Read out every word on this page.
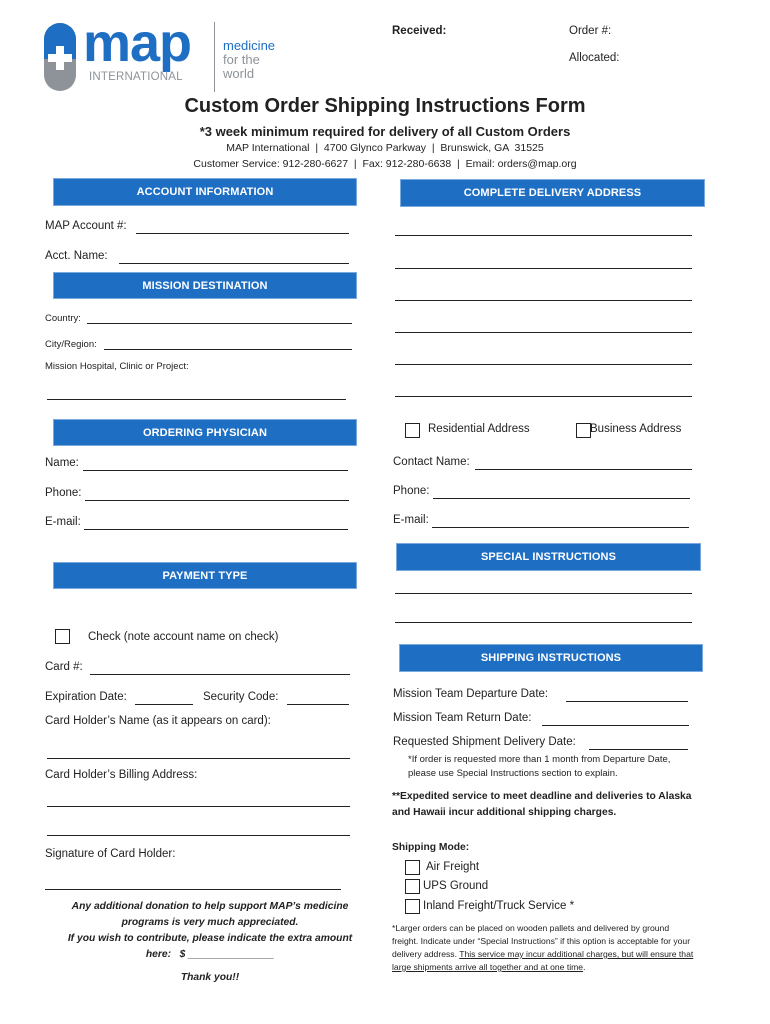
map
INTERNATIONAL
medicine
for the
world
Received:	Order #:
Allocated:
Custom Order Shipping Instructions Form
*3 week minimum required for delivery of all Custom Orders
MAP International  |  4700 Glynco Parkway  |  Brunswick, GA  31525
Customer Service: 912-280-6627  |  Fax: 912-280-6638  |  Email: orders@map.org
ACCOUNT INFORMATION
MAP Account #:
Acct. Name:
MISSION DESTINATION
Country:
City/Region:
Mission Hospital, Clinic or Project:
ORDERING PHYSICIAN
Name:
Phone:
E-mail:
PAYMENT TYPE
Check (note account name on check)
Card #:
Expiration Date:	Security Code:
Card Holder’s Name (as it appears on card):
Card Holder’s Billing Address:
Signature of Card Holder:
Any additional donation to help support MAP’s medicine
programs is very much appreciated.
If you wish to contribute, please indicate the extra amount
here:   $ _______________
Thank you!!
COMPLETE DELIVERY ADDRESS
Residential Address	Business Address
Contact Name:
Phone:
E-mail:
SPECIAL INSTRUCTIONS
SHIPPING INSTRUCTIONS
Mission Team Departure Date:
Mission Team Return Date:
Requested Shipment Delivery Date:
*If order is requested more than 1 month from Departure Date,
please use Special Instructions section to explain.
**Expedited service to meet deadline and deliveries to Alaska
and Hawaii incur additional shipping charges.
Shipping Mode:
Air Freight
UPS Ground
Inland Freight/Truck Service *
*Larger orders can be placed on wooden pallets and delivered by ground
freight. Indicate under “Special Instructions” if this option is acceptable for your
delivery address. This service may incur additional charges, but will ensure that
large shipments arrive all together and at one time.
